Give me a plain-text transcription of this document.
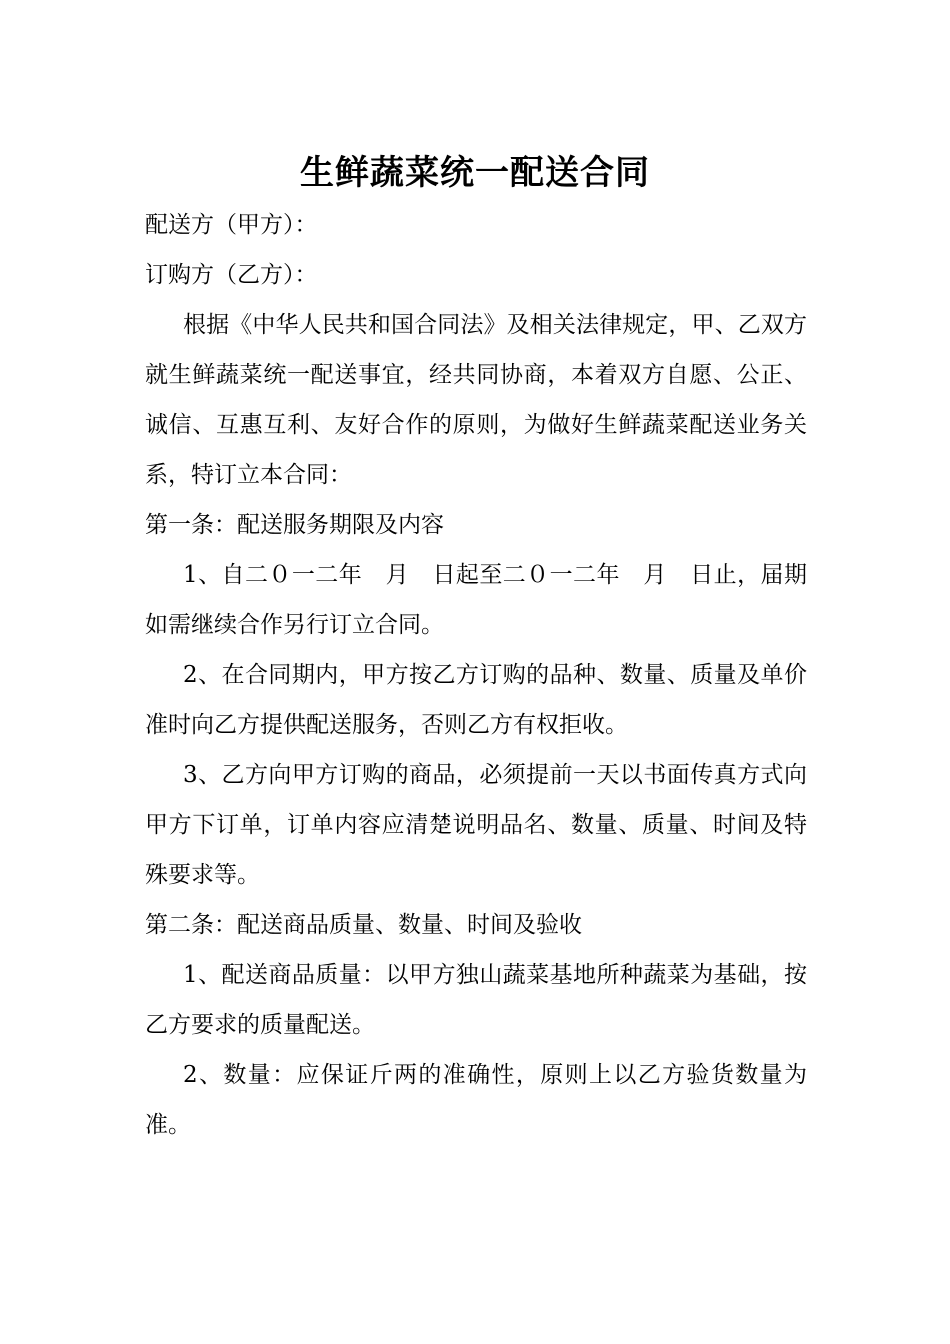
生鲜蔬菜统一配送合同

配送方（甲方）：

订购方（乙方）：

根据《中华人民共和国合同法》及相关法律规定，甲、乙双方就生鲜蔬菜统一配送事宜，经共同协商，本着双方自愿、公正、诚信、互惠互利、友好合作的原则，为做好生鲜蔬菜配送业务关系，特订立本合同：

第一条：配送服务期限及内容

1、自二０一二年　月　日起至二０一二年　月　日止，届期如需继续合作另行订立合同。

2、在合同期内，甲方按乙方订购的品种、数量、质量及单价准时向乙方提供配送服务，否则乙方有权拒收。

3、乙方向甲方订购的商品，必须提前一天以书面传真方式向甲方下订单，订单内容应清楚说明品名、数量、质量、时间及特殊要求等。

第二条：配送商品质量、数量、时间及验收

1、配送商品质量：以甲方独山蔬菜基地所种蔬菜为基础，按乙方要求的质量配送。

2、数量：应保证斤两的准确性，原则上以乙方验货数量为准。
